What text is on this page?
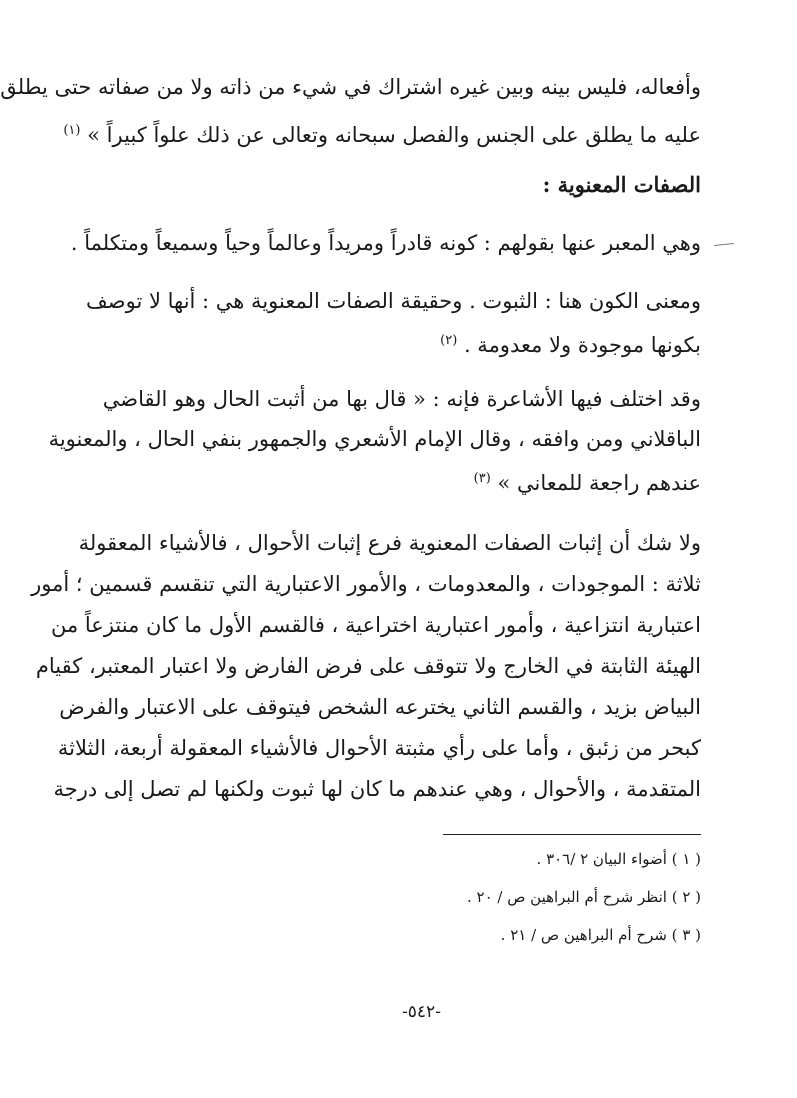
وأفعاله، فليس بينه وبين غيره اشتراك في شيء من ذاته ولا من صفاته حتى يطلق
عليه ما يطلق على الجنس والفصل سبحانه وتعالى عن ذلك علواً كبيراً » $^{(١)}$
الصفات المعنوية :
وهي المعبر عنها بقولهم : كونه قادراً ومريداً وعالماً وحياً وسميعاً ومتكلماً .
ومعنى الكون هنا : الثبوت . وحقيقة الصفات المعنوية هي : أنها لا توصف
بكونها موجودة ولا معدومة . $^{(٢)}$
وقد اختلف فيها الأشاعرة فإنه : « قال بها من أثبت الحال وهو القاضي
الباقلاني ومن وافقه ، وقال الإمام الأشعري والجمهور بنفي الحال ، والمعنوية
عندهم راجعة للمعاني » $^{(٣)}$
ولا شك أن إثبات الصفات المعنوية فرع إثبات الأحوال ، فالأشياء المعقولة
ثلاثة : الموجودات ، والمعدومات ، والأمور الاعتبارية التي تنقسم قسمين ؛ أمور
اعتبارية انتزاعية ، وأمور اعتبارية اختراعية ، فالقسم الأول ما كان منتزعاً من
الهيئة الثابتة في الخارج ولا تتوقف على فرض الفارض ولا اعتبار المعتبر، كقيام
البياض بزيد ، والقسم الثاني يخترعه الشخص فيتوقف على الاعتبار والفرض
كبحر من زئبق ، وأما على رأي مثبتة الأحوال فالأشياء المعقولة أربعة، الثلاثة
المتقدمة ، والأحوال ، وهي عندهم ما كان لها ثبوت ولكنها لم تصل إلى درجة
( ١ ) أضواء البيان ٢ /٣٠٦ .
( ٢ ) انظر شرح أم البراهين ص / ٢٠ .
( ٣ ) شرح أم البراهين ص / ٢١ .
-٥٤٢-
